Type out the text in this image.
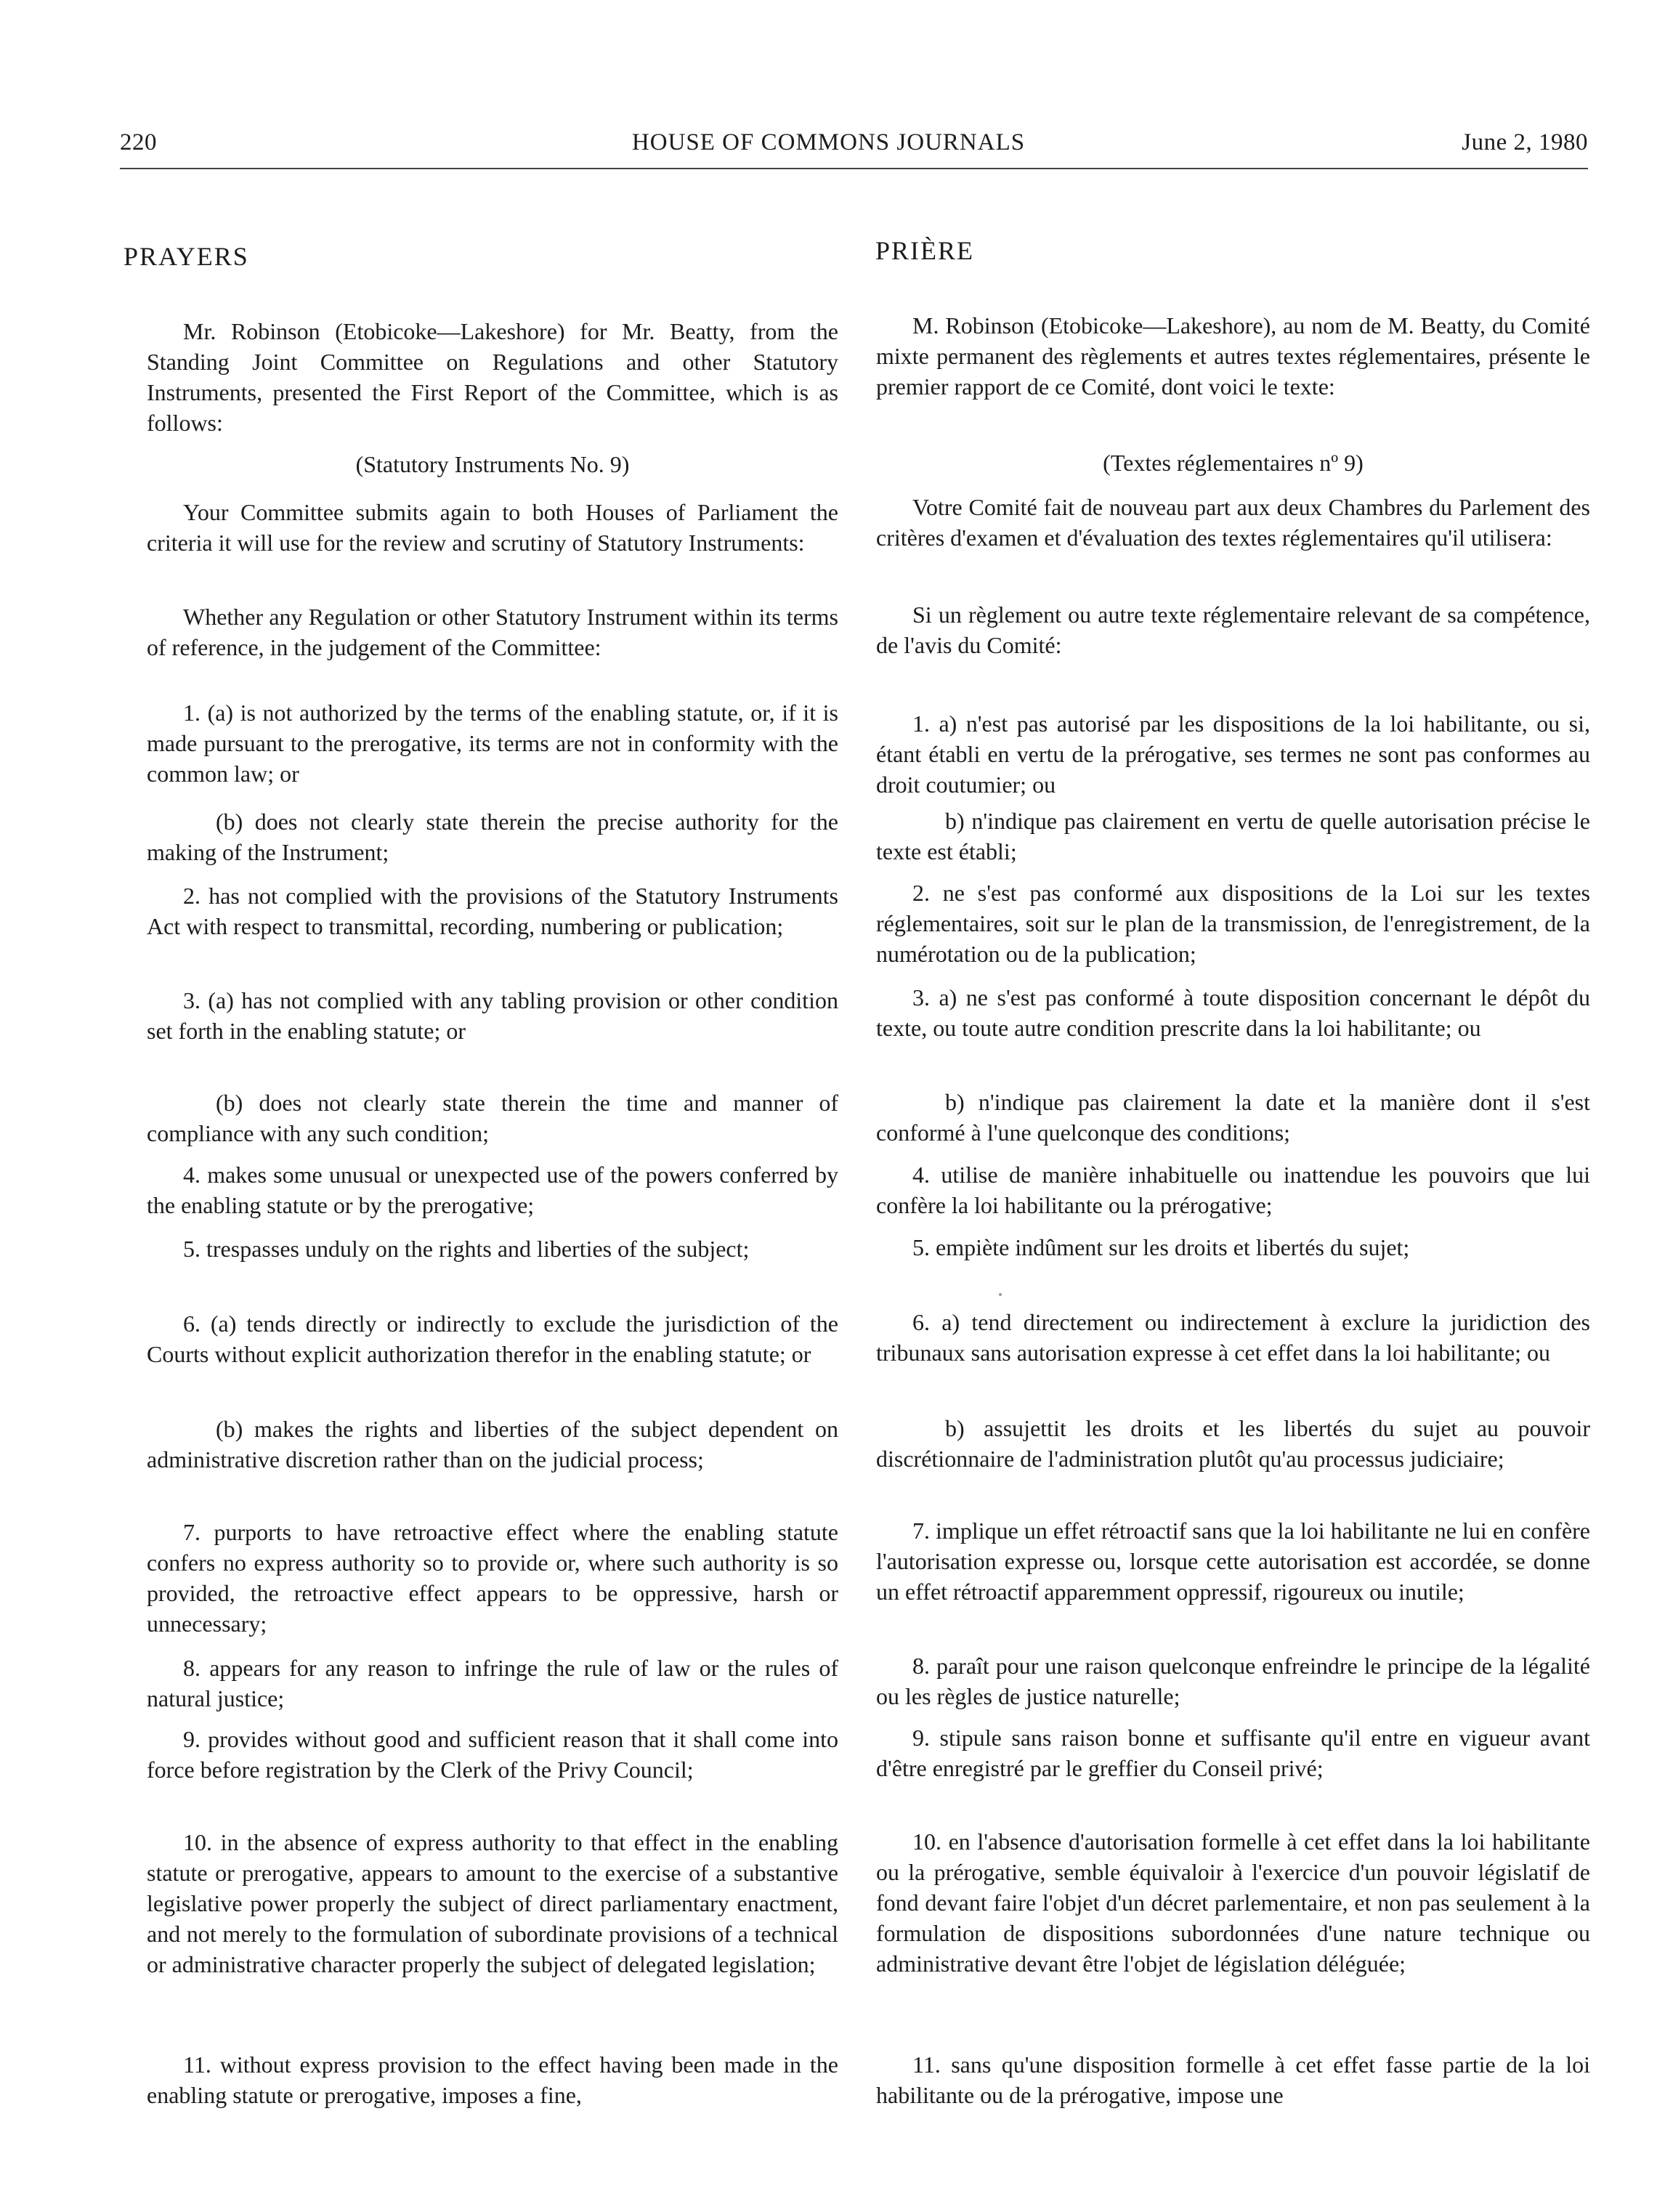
220	HOUSE OF COMMONS JOURNALS	June 2, 1980
PRAYERS
Mr. Robinson (Etobicoke—Lakeshore) for Mr. Beatty, from the Standing Joint Committee on Regulations and other Statutory Instruments, presented the First Report of the Committee, which is as follows:
(Statutory Instruments No. 9)
Your Committee submits again to both Houses of Parliament the criteria it will use for the review and scrutiny of Statutory Instruments:
Whether any Regulation or other Statutory Instrument within its terms of reference, in the judgement of the Committee:
1. (a) is not authorized by the terms of the enabling statute, or, if it is made pursuant to the prerogative, its terms are not in conformity with the common law; or
(b) does not clearly state therein the precise authority for the making of the Instrument;
2. has not complied with the provisions of the Statutory Instruments Act with respect to transmittal, recording, numbering or publication;
3. (a) has not complied with any tabling provision or other condition set forth in the enabling statute; or
(b) does not clearly state therein the time and manner of compliance with any such condition;
4. makes some unusual or unexpected use of the powers conferred by the enabling statute or by the prerogative;
5. trespasses unduly on the rights and liberties of the subject;
6. (a) tends directly or indirectly to exclude the jurisdiction of the Courts without explicit authorization therefor in the enabling statute; or
(b) makes the rights and liberties of the subject dependent on administrative discretion rather than on the judicial process;
7. purports to have retroactive effect where the enabling statute confers no express authority so to provide or, where such authority is so provided, the retroactive effect appears to be oppressive, harsh or unnecessary;
8. appears for any reason to infringe the rule of law or the rules of natural justice;
9. provides without good and sufficient reason that it shall come into force before registration by the Clerk of the Privy Council;
10. in the absence of express authority to that effect in the enabling statute or prerogative, appears to amount to the exercise of a substantive legislative power properly the subject of direct parliamentary enactment, and not merely to the formulation of subordinate provisions of a technical or administrative character properly the subject of delegated legislation;
11. without express provision to the effect having been made in the enabling statute or prerogative, imposes a fine,
PRIÈRE
M. Robinson (Etobicoke—Lakeshore), au nom de M. Beatty, du Comité mixte permanent des règlements et autres textes réglementaires, présente le premier rapport de ce Comité, dont voici le texte:
(Textes réglementaires nº 9)
Votre Comité fait de nouveau part aux deux Chambres du Parlement des critères d'examen et d'évaluation des textes réglementaires qu'il utilisera:
Si un règlement ou autre texte réglementaire relevant de sa compétence, de l'avis du Comité:
1. a) n'est pas autorisé par les dispositions de la loi habilitante, ou si, étant établi en vertu de la prérogative, ses termes ne sont pas conformes au droit coutumier; ou
b) n'indique pas clairement en vertu de quelle autorisation précise le texte est établi;
2. ne s'est pas conformé aux dispositions de la Loi sur les textes réglementaires, soit sur le plan de la transmission, de l'enregistrement, de la numérotation ou de la publication;
3. a) ne s'est pas conformé à toute disposition concernant le dépôt du texte, ou toute autre condition prescrite dans la loi habilitante; ou
b) n'indique pas clairement la date et la manière dont il s'est conformé à l'une quelconque des conditions;
4. utilise de manière inhabituelle ou inattendue les pouvoirs que lui confère la loi habilitante ou la prérogative;
5. empiète indûment sur les droits et libertés du sujet;
6. a) tend directement ou indirectement à exclure la juridiction des tribunaux sans autorisation expresse à cet effet dans la loi habilitante; ou
b) assujettit les droits et les libertés du sujet au pouvoir discrétionnaire de l'administration plutôt qu'au processus judiciaire;
7. implique un effet rétroactif sans que la loi habilitante ne lui en confère l'autorisation expresse ou, lorsque cette autorisation est accordée, se donne un effet rétroactif apparemment oppressif, rigoureux ou inutile;
8. paraît pour une raison quelconque enfreindre le principe de la légalité ou les règles de justice naturelle;
9. stipule sans raison bonne et suffisante qu'il entre en vigueur avant d'être enregistré par le greffier du Conseil privé;
10. en l'absence d'autorisation formelle à cet effet dans la loi habilitante ou la prérogative, semble équivaloir à l'exercice d'un pouvoir législatif de fond devant faire l'objet d'un décret parlementaire, et non pas seulement à la formulation de dispositions subordonnées d'une nature technique ou administrative devant être l'objet de législation déléguée;
11. sans qu'une disposition formelle à cet effet fasse partie de la loi habilitante ou de la prérogative, impose une
